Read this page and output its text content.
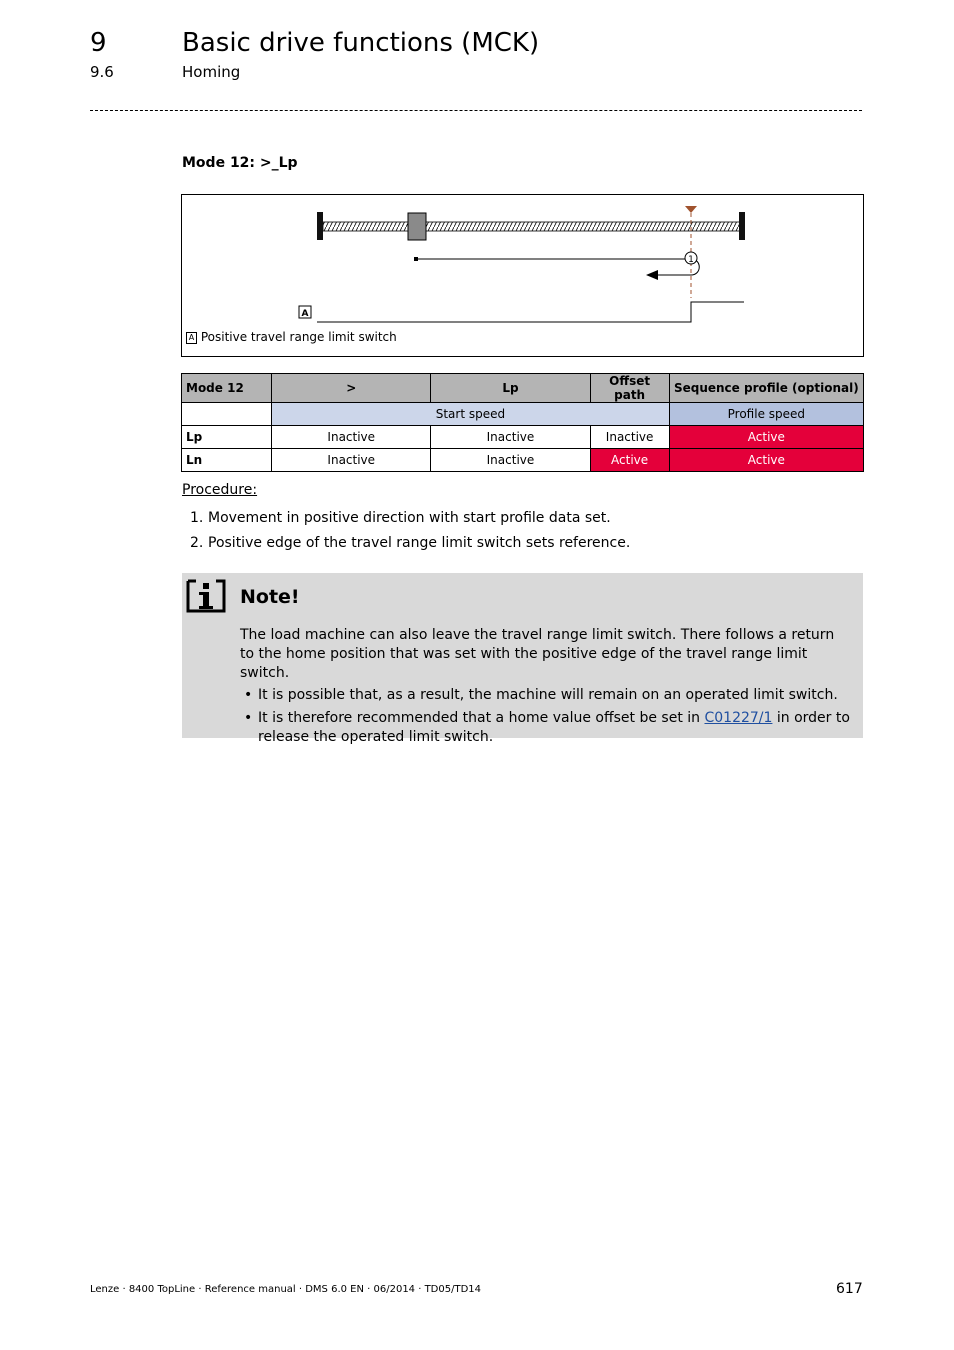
9	Basic drive functions (MCK)
9.6	Homing
Mode 12: >_Lp
1
A
A Positive travel range limit switch
Mode 12	>	Lp	Offset path	Sequence profile (optional)
	Start speed			Profile speed
Lp	Inactive	Inactive	Inactive	Active
Ln	Inactive	Inactive	Active	Active
Procedure:
1. Movement in positive direction with start profile data set.
2. Positive edge of the travel range limit switch sets reference.
Note!
The load machine can also leave the travel range limit switch. There follows a return to the home position that was set with the positive edge of the travel range limit switch.
• It is possible that, as a result, the machine will remain on an operated limit switch.
• It is therefore recommended that a home value offset be set in C01227/1 in order to release the operated limit switch.
Lenze · 8400 TopLine · Reference manual · DMS 6.0 EN · 06/2014 · TD05/TD14	617
